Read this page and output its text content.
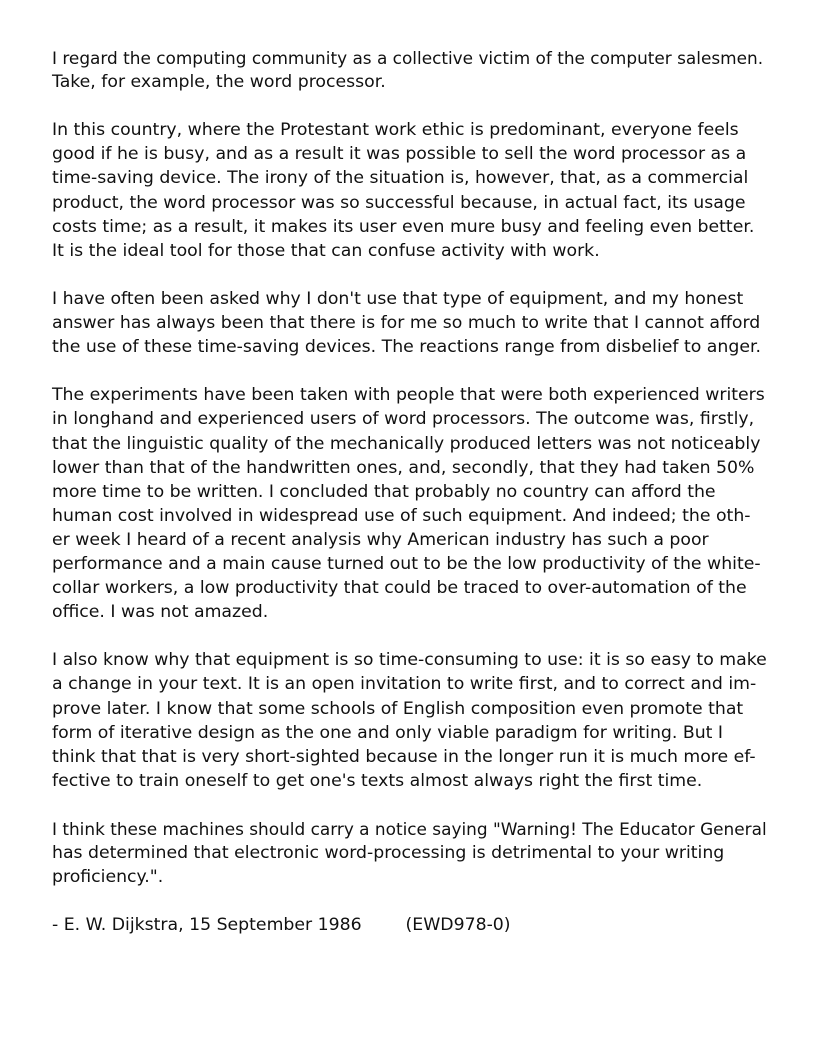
I regard the computing community as a collective victim of the computer salesmen.
Take, for example, the word processor.

In this country, where the Protestant work ethic is predominant, everyone feels
good if he is busy, and as a result it was possible to sell the word processor as a
time-saving device. The irony of the situation is, however, that, as a commercial
product, the word processor was so successful because, in actual fact, its usage
costs time; as a result, it makes its user even mure busy and feeling even better.
It is the ideal tool for those that can confuse activity with work.

I have often been asked why I don't use that type of equipment, and my honest
answer has always been that there is for me so much to write that I cannot afford
the use of these time-saving devices. The reactions range from disbelief to anger.

The experiments have been taken with people that were both experienced writers
in longhand and experienced users of word processors. The outcome was, firstly,
that the linguistic quality of the mechanically produced letters was not noticeably
lower than that of the handwritten ones, and, secondly, that they had taken 50%
more time to be written. I concluded that probably no country can afford the
human cost involved in widespread use of such equipment. And indeed; the oth-
er week I heard of a recent analysis why American industry has such a poor
performance and a main cause turned out to be the low productivity of the white-
collar workers, a low productivity that could be traced to over-automation of the
office. I was not amazed.

I also know why that equipment is so time-consuming to use: it is so easy to make
a change in your text. It is an open invitation to write first, and to correct and im-
prove later. I know that some schools of English composition even promote that
form of iterative design as the one and only viable paradigm for writing. But I
think that that is very short-sighted because in the longer run it is much more ef-
fective to train oneself to get one's texts almost always right the first time.

I think these machines should carry a notice saying "Warning! The Educator General
has determined that electronic word-processing is detrimental to your writing
proficiency.".

- E. W. Dijkstra, 15 September 1986	(EWD978-0)
